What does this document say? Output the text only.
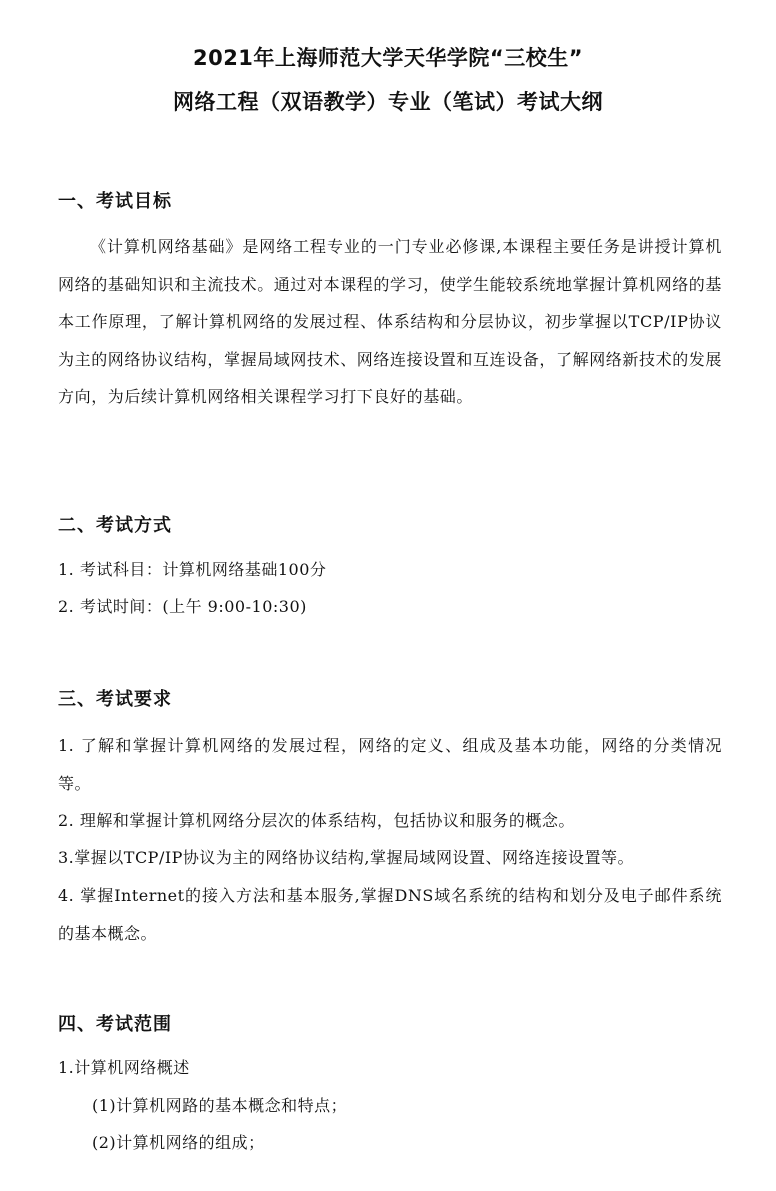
2021年上海师范大学天华学院“三校生”
网络工程（双语教学）专业（笔试）考试大纲
一、考试目标
《计算机网络基础》是网络工程专业的一门专业必修课,本课程主要任务是讲授计算机网络的基础知识和主流技术。通过对本课程的学习，使学生能较系统地掌握计算机网络的基本工作原理，了解计算机网络的发展过程、体系结构和分层协议，初步掌握以TCP/IP协议为主的网络协议结构，掌握局域网技术、网络连接设置和互连设备，了解网络新技术的发展方向，为后续计算机网络相关课程学习打下良好的基础。
二、考试方式
1. 考试科目：计算机网络基础100分
2. 考试时间：(上午 9:00-10:30)
三、考试要求
1. 了解和掌握计算机网络的发展过程，网络的定义、组成及基本功能，网络的分类情况等。
2. 理解和掌握计算机网络分层次的体系结构，包括协议和服务的概念。
3.掌握以TCP/IP协议为主的网络协议结构,掌握局域网设置、网络连接设置等。
4. 掌握Internet的接入方法和基本服务,掌握DNS域名系统的结构和划分及电子邮件系统的基本概念。
四、考试范围
1.计算机网络概述
(1)计算机网路的基本概念和特点；
(2)计算机网络的组成；
